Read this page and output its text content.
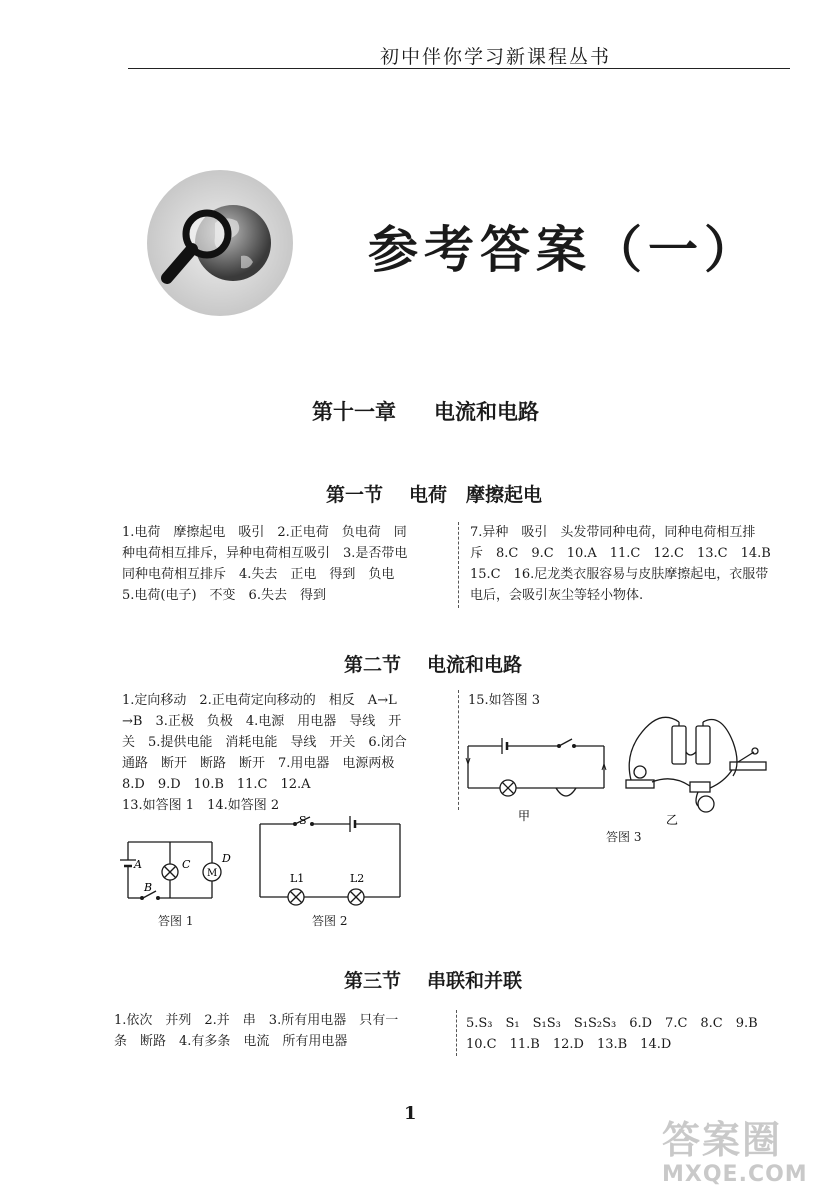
初中伴你学习新课程丛书
参考答案（一）
第十一章 电流和电路
第一节 电荷　摩擦起电
1.电荷　摩擦起电　吸引　2.正电荷　负电荷　同
种电荷相互排斥，异种电荷相互吸引　3.是否带电
同种电荷相互排斥　4.失去　正电　得到　负电
5.电荷(电子)　不变　6.失去　得到
7.异种　吸引　头发带同种电荷，同种电荷相互排
斥　8.C　9.C　10.A　11.C　12.C　13.C　14.B
15.C　16.尼龙类衣服容易与皮肤摩擦起电，衣服带
电后，会吸引灰尘等轻小物体.
第二节 电流和电路
1.定向移动　2.正电荷定向移动的　相反　A→L
→B　3.正极　负极　4.电源　用电器　导线　开
关　5.提供电能　消耗电能　导线　开关　6.闭合
通路　断开　断路　断开　7.用电器　电源两极
8.D　9.D　10.B　11.C　12.A
13.如答图 1　14.如答图 2
15.如答图 3
M
A
B
C	D
答图 1
S
L1	L2
答图 2
甲	乙
答图 3
第三节 串联和并联
1.依次　并列　2.并　串　3.所有用电器　只有一
条　断路　4.有多条　电流　所有用电器
5.S₃　S₁　S₁S₃　S₁S₂S₃　6.D　7.C　8.C　9.B
10.C　11.B　12.D　13.B　14.D
1
答案圈
MXQE.COM
